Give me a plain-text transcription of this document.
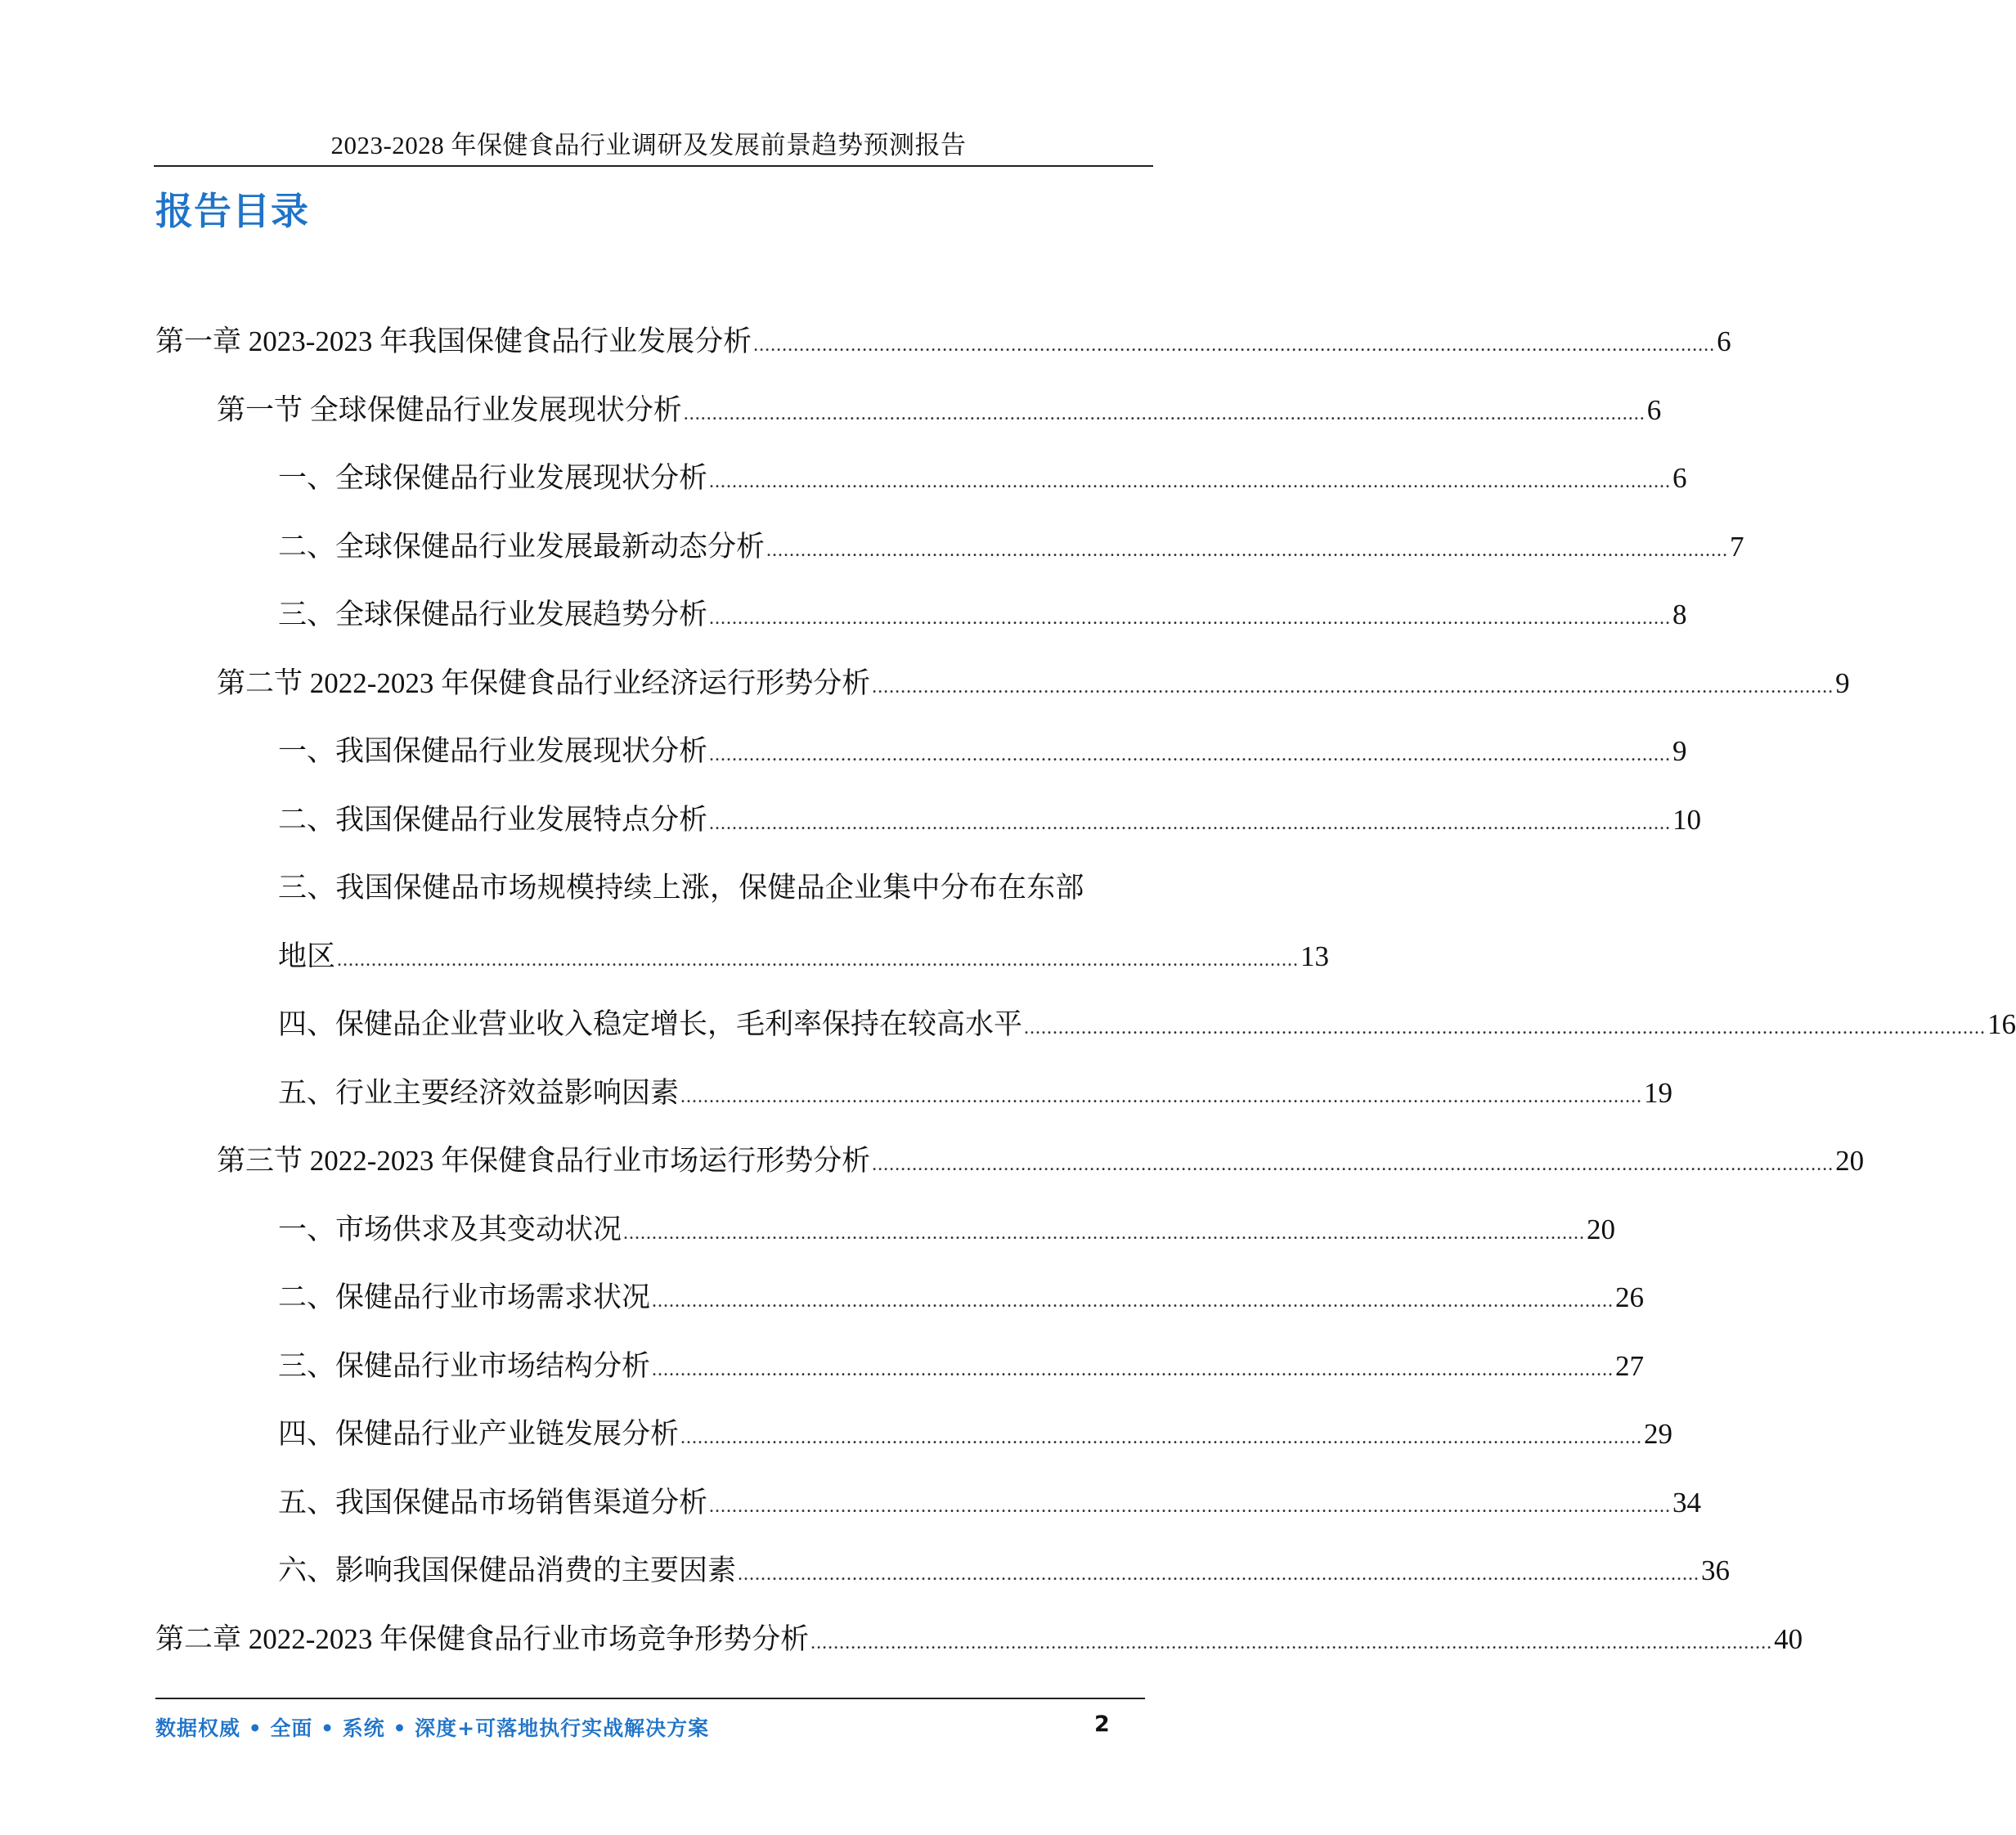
2023-2028 年保健食品行业调研及发展前景趋势预测报告
报告目录
第一章 2023-2023 年我国保健食品行业发展分析 ........................................................................................................................................................................ 6
第一节 全球保健品行业发展现状分析 ........................................................................................................................................................................ 6
一、全球保健品行业发展现状分析 ........................................................................................................................................................................ 6
二、全球保健品行业发展最新动态分析 ........................................................................................................................................................................ 7
三、全球保健品行业发展趋势分析 ........................................................................................................................................................................ 8
第二节 2022-2023 年保健食品行业经济运行形势分析 ........................................................................................................................................................................ 9
一、我国保健品行业发展现状分析 ........................................................................................................................................................................ 9
二、我国保健品行业发展特点分析 ........................................................................................................................................................................ 10
三、我国保健品市场规模持续上涨，保健品企业集中分布在东部
地区 ........................................................................................................................................................................ 13
四、保健品企业营业收入稳定增长，毛利率保持在较高水平 ........................................................................................................................................................................ 16
五、行业主要经济效益影响因素 ........................................................................................................................................................................ 19
第三节 2022-2023 年保健食品行业市场运行形势分析 ........................................................................................................................................................................ 20
一、市场供求及其变动状况 ........................................................................................................................................................................ 20
二、保健品行业市场需求状况 ........................................................................................................................................................................ 26
三、保健品行业市场结构分析 ........................................................................................................................................................................ 27
四、保健品行业产业链发展分析 ........................................................................................................................................................................ 29
五、我国保健品市场销售渠道分析 ........................................................................................................................................................................ 34
六、影响我国保健品消费的主要因素 ........................................................................................................................................................................ 36
第二章 2022-2023 年保健食品行业市场竞争形势分析 ........................................................................................................................................................................ 40
数据权威 • 全面 • 系统 • 深度+可落地执行实战解决方案	2
